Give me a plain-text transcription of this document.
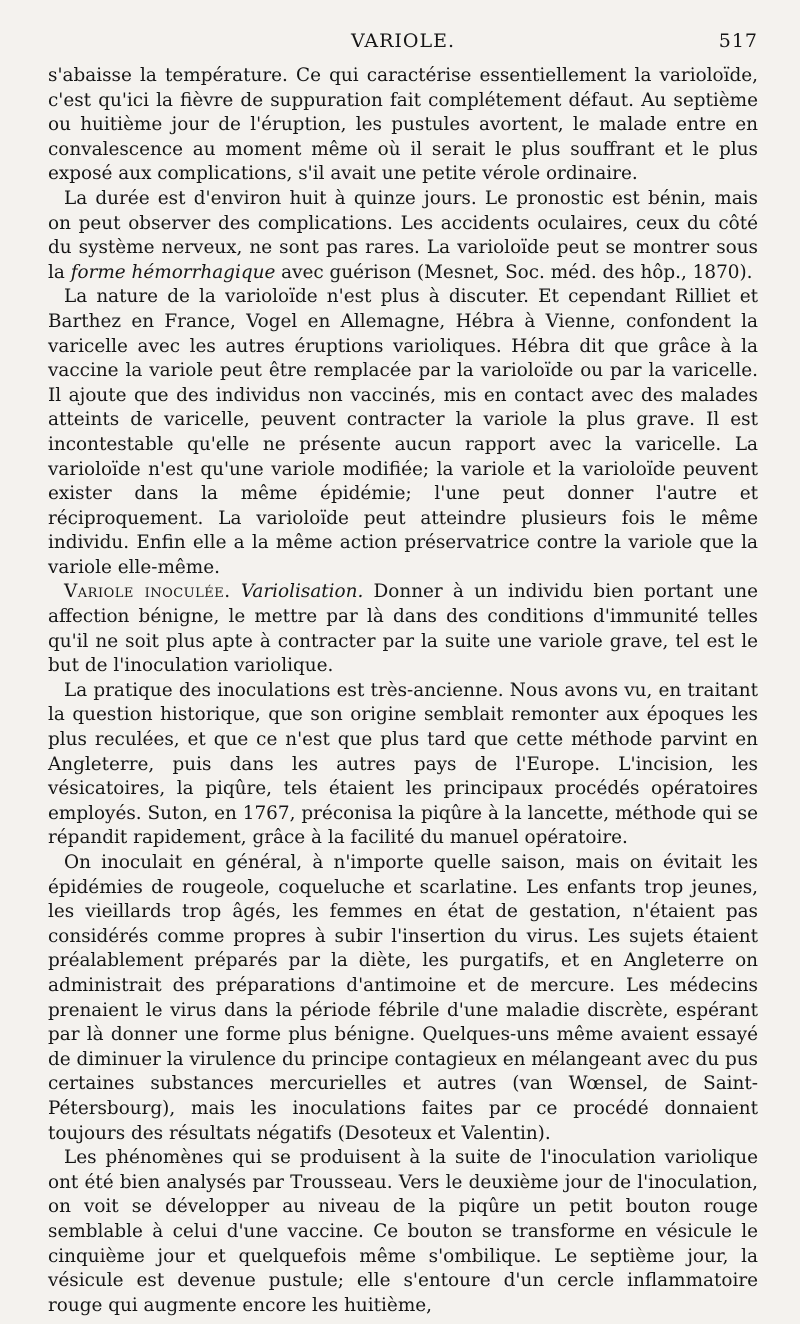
VARIOLE.	517

s'abaisse la température. Ce qui caractérise essentiellement la varioloïde, c'est qu'ici la fièvre de suppuration fait complétement défaut. Au septième ou huitième jour de l'éruption, les pustules avortent, le malade entre en convalescence au moment même où il serait le plus souffrant et le plus exposé aux complications, s'il avait une petite vérole ordinaire.

La durée est d'environ huit à quinze jours. Le pronostic est bénin, mais on peut observer des complications. Les accidents oculaires, ceux du côté du système nerveux, ne sont pas rares. La varioloïde peut se montrer sous la forme hémorrhagique avec guérison (Mesnet, Soc. méd. des hôp., 1870).

La nature de la varioloïde n'est plus à discuter. Et cependant Rilliet et Barthez en France, Vogel en Allemagne, Hébra à Vienne, confondent la varicelle avec les autres éruptions varioliques. Hébra dit que grâce à la vaccine la variole peut être remplacée par la varioloïde ou par la varicelle. Il ajoute que des individus non vaccinés, mis en contact avec des malades atteints de varicelle, peuvent contracter la variole la plus grave. Il est incontestable qu'elle ne présente aucun rapport avec la varicelle. La varioloïde n'est qu'une variole modifiée; la variole et la varioloïde peuvent exister dans la même épidémie; l'une peut donner l'autre et réciproquement. La varioloïde peut atteindre plusieurs fois le même individu. Enfin elle a la même action préservatrice contre la variole que la variole elle-même.

Variole inoculée. Variolisation. Donner à un individu bien portant une affection bénigne, le mettre par là dans des conditions d'immunité telles qu'il ne soit plus apte à contracter par la suite une variole grave, tel est le but de l'inoculation variolique.

La pratique des inoculations est très-ancienne. Nous avons vu, en traitant la question historique, que son origine semblait remonter aux époques les plus reculées, et que ce n'est que plus tard que cette méthode parvint en Angleterre, puis dans les autres pays de l'Europe. L'incision, les vésicatoires, la piqûre, tels étaient les principaux procédés opératoires employés. Suton, en 1767, préconisa la piqûre à la lancette, méthode qui se répandit rapidement, grâce à la facilité du manuel opératoire.

On inoculait en général, à n'importe quelle saison, mais on évitait les épidémies de rougeole, coqueluche et scarlatine. Les enfants trop jeunes, les vieillards trop âgés, les femmes en état de gestation, n'étaient pas considérés comme propres à subir l'insertion du virus. Les sujets étaient préalablement préparés par la diète, les purgatifs, et en Angleterre on administrait des préparations d'antimoine et de mercure. Les médecins prenaient le virus dans la période fébrile d'une maladie discrète, espérant par là donner une forme plus bénigne. Quelques-uns même avaient essayé de diminuer la virulence du principe contagieux en mélangeant avec du pus certaines substances mercurielles et autres (van Wœnsel, de Saint-Pétersbourg), mais les inoculations faites par ce procédé donnaient toujours des résultats négatifs (Desoteux et Valentin).

Les phénomènes qui se produisent à la suite de l'inoculation variolique ont été bien analysés par Trousseau. Vers le deuxième jour de l'inoculation, on voit se développer au niveau de la piqûre un petit bouton rouge semblable à celui d'une vaccine. Ce bouton se transforme en vésicule le cinquième jour et quelquefois même s'ombilique. Le septième jour, la vésicule est devenue pustule; elle s'entoure d'un cercle inflammatoire rouge qui augmente encore les huitième,
